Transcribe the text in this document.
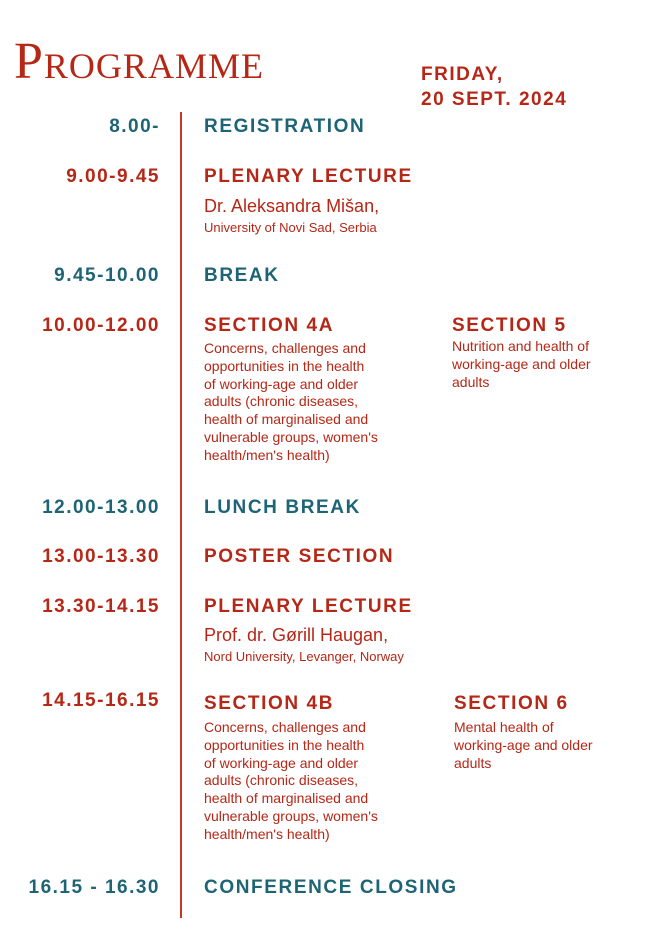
Programme	FRIDAY,
20 SEPT. 2024
8.00- REGISTRATION
9.00-9.45 PLENARY LECTURE
Dr. Aleksandra Mišan,
University of Novi Sad, Serbia
9.45-10.00 BREAK
10.00-12.00 SECTION 4A
Concerns, challenges and
opportunities in the health
of working-age and older
adults (chronic diseases,
health of marginalised and
vulnerable groups, women's
health/men's health)
SECTION 5
Nutrition and health of
working-age and older
adults
12.00-13.00 LUNCH BREAK
13.00-13.30 POSTER SECTION
13.30-14.15 PLENARY LECTURE
Prof. dr. Gørill Haugan,
Nord University, Levanger, Norway
14.15-16.15 SECTION 4B
Concerns, challenges and
opportunities in the health
of working-age and older
adults (chronic diseases,
health of marginalised and
vulnerable groups, women's
health/men's health)
SECTION 6
Mental health of
working-age and older
adults
16.15 - 16.30 CONFERENCE CLOSING
